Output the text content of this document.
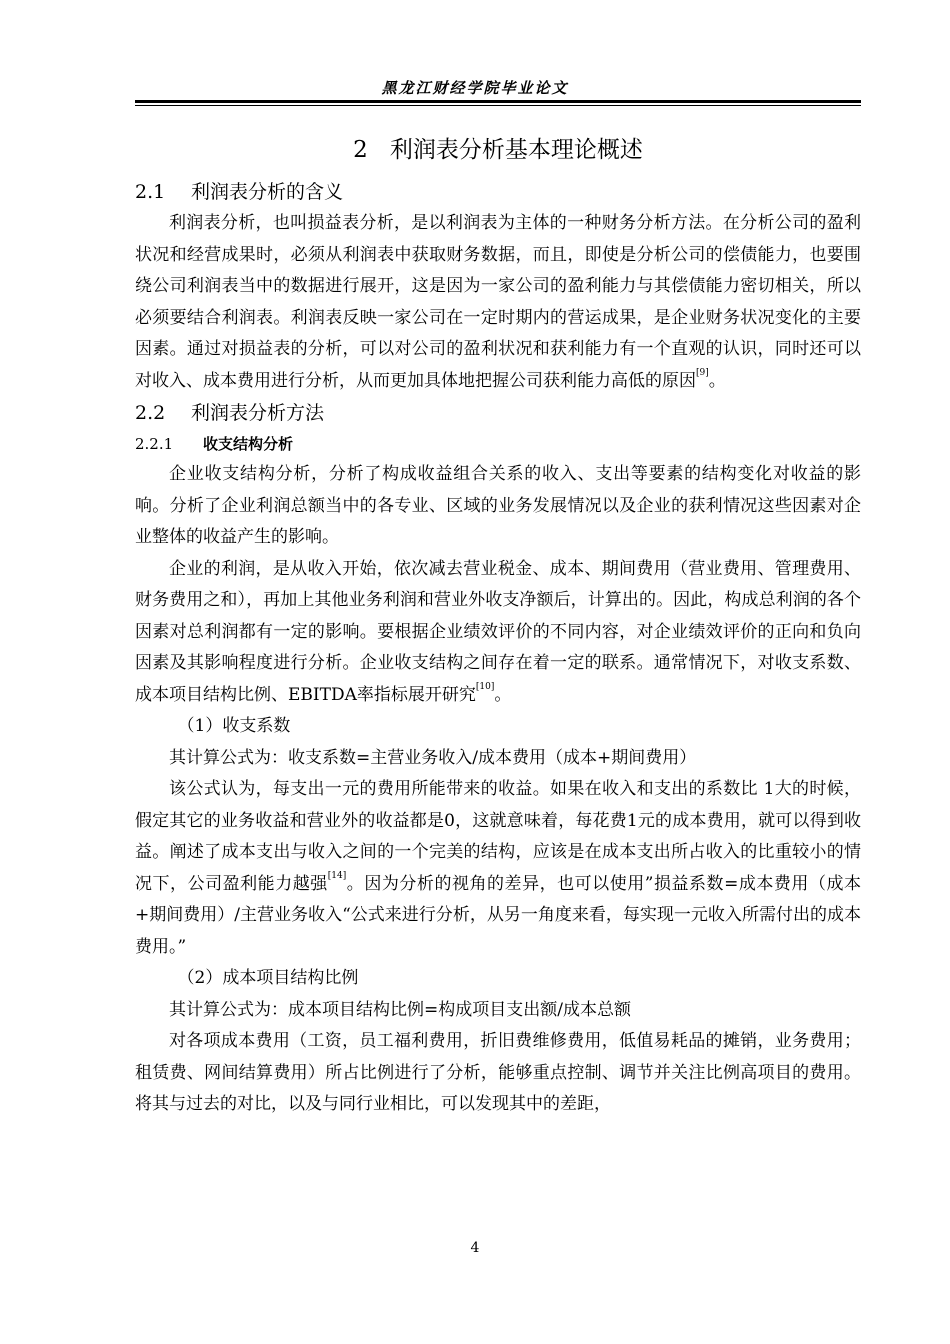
黑龙江财经学院毕业论文
2 利润表分析基本理论概述
2.1 利润表分析的含义

利润表分析，也叫损益表分析，是以利润表为主体的一种财务分析方法。在分析公司的盈利状况和经营成果时，必须从利润表中获取财务数据，而且，即使是分析公司的偿债能力，也要围绕公司利润表当中的数据进行展开，这是因为一家公司的盈利能力与其偿债能力密切相关，所以必须要结合利润表。利润表反映一家公司在一定时期内的营运成果，是企业财务状况变化的主要因素。通过对损益表的分析，可以对公司的盈利状况和获利能力有一个直观的认识，同时还可以对收入、成本费用进行分析，从而更加具体地把握公司获利能力高低的原因[9]。

2.2 利润表分析方法
2.2.1 收支结构分析

企业收支结构分析，分析了构成收益组合关系的收入、支出等要素的结构变化对收益的影响。分析了企业利润总额当中的各专业、区域的业务发展情况以及企业的获利情况这些因素对企业整体的收益产生的影响。

企业的利润，是从收入开始，依次减去营业税金、成本、期间费用（营业费用、管理费用、财务费用之和），再加上其他业务利润和营业外收支净额后，计算出的。因此，构成总利润的各个因素对总利润都有一定的影响。要根据企业绩效评价的不同内容，对企业绩效评价的正向和负向因素及其影响程度进行分析。企业收支结构之间存在着一定的联系。通常情况下，对收支系数、成本项目结构比例、EBITDA率指标展开研究[10]。

（1）收支系数

其计算公式为：收支系数=主营业务收入/成本费用（成本+期间费用）

该公式认为，每支出一元的费用所能带来的收益。如果在收入和支出的系数比 1大的时候，假定其它的业务收益和营业外的收益都是0，这就意味着，每花费1元的成本费用，就可以得到收益。阐述了成本支出与收入之间的一个完美的结构，应该是在成本支出所占收入的比重较小的情况下，公司盈利能力越强[14]。因为分析的视角的差异，也可以使用”损益系数=成本费用（成本+期间费用）/主营业务收入“公式来进行分析，从另一角度来看，每实现一元收入所需付出的成本费用。”

（2）成本项目结构比例

其计算公式为：成本项目结构比例=构成项目支出额/成本总额

对各项成本费用（工资，员工福利费用，折旧费维修费用，低值易耗品的摊销，业务费用；租赁费、网间结算费用）所占比例进行了分析，能够重点控制、调节并关注比例高项目的费用。将其与过去的对比，以及与同行业相比，可以发现其中的差距，

4
